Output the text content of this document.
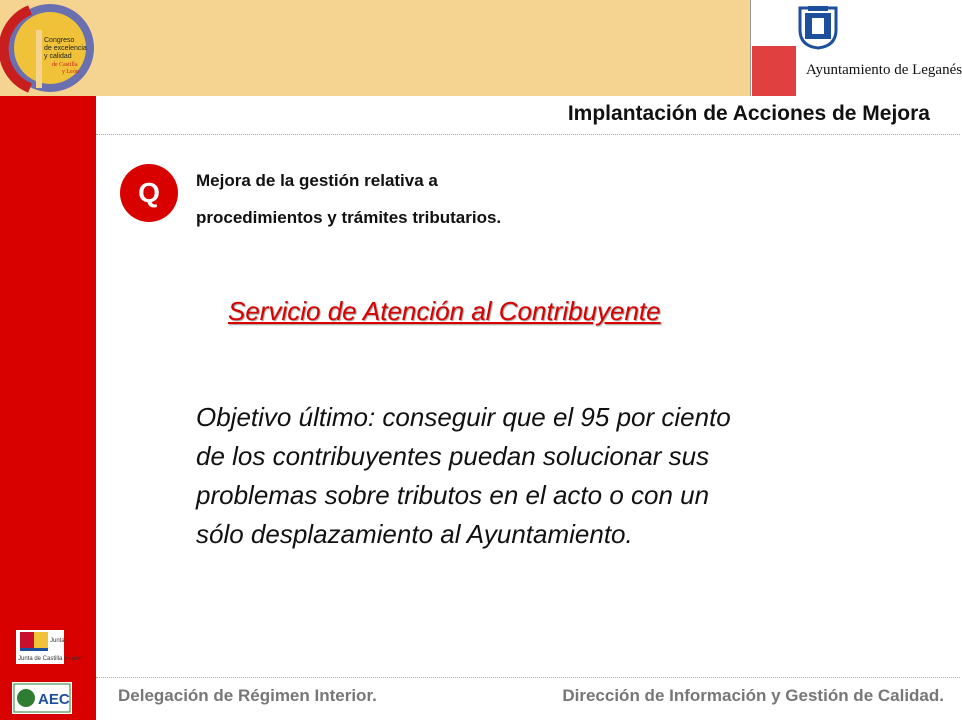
Congreso
de excelencia
y calidad
de Castilla
y León	Ayuntamiento de Leganés
Implantación de Acciones de Mejora
Q	Mejora de la gestión relativa a
procedimientos y trámites tributarios.
Servicio de Atención al Contribuyente
Objetivo último: conseguir que el 95 por ciento
de los contribuyentes puedan solucionar sus
problemas sobre tributos en el acto o con un
sólo desplazamiento al Ayuntamiento.
Junta
Junta de Castilla y León
AEC	Delegación de Régimen Interior.	Dirección de Información y Gestión de Calidad.
